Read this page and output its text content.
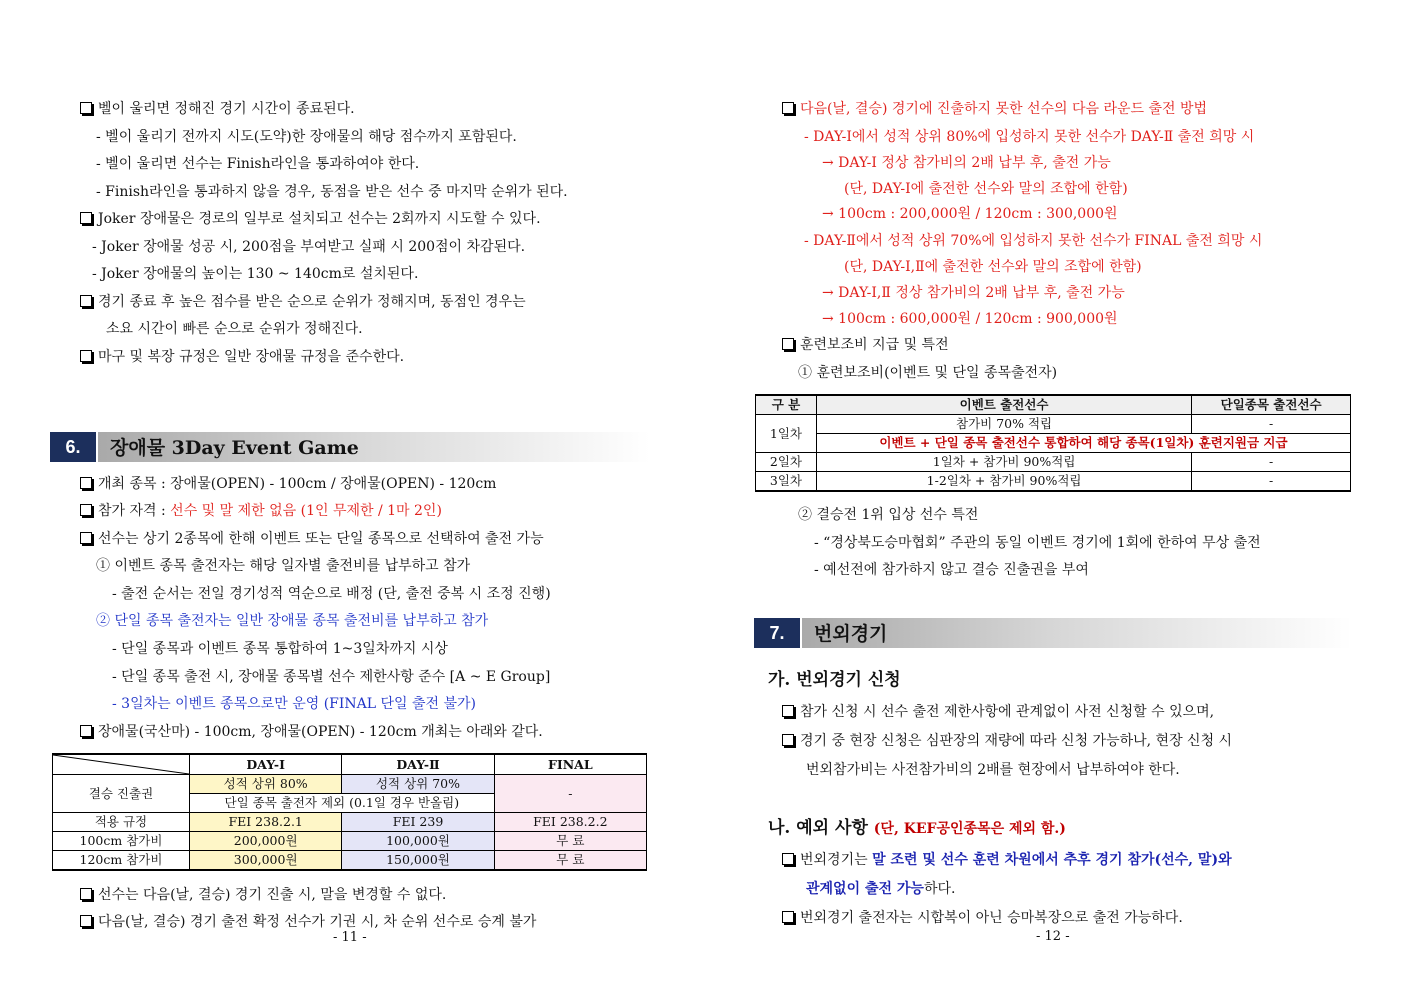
벨이 울리면 정해진 경기 시간이 종료된다.
- 벨이 울리기 전까지 시도(도약)한 장애물의 해당 점수까지 포함된다.
- 벨이 울리면 선수는 Finish라인을 통과하여야 한다.
- Finish라인을 통과하지 않을 경우, 동점을 받은 선수 중 마지막 순위가 된다.
Joker 장애물은 경로의 일부로 설치되고 선수는 2회까지 시도할 수 있다.
- Joker 장애물 성공 시, 200점을 부여받고 실패 시 200점이 차감된다.
- Joker 장애물의 높이는 130 ~ 140cm로 설치된다.
경기 종료 후 높은 점수를 받은 순으로 순위가 정해지며, 동점인 경우는
소요 시간이 빠른 순으로 순위가 정해진다.
마구 및 복장 규정은 일반 장애물 규정을 준수한다.
6.	장애물 3Day Event Game
개최 종목 : 장애물(OPEN) - 100cm / 장애물(OPEN) - 120cm
참가 자격 : 선수 및 말 제한 없음 (1인 무제한 / 1마 2인)
선수는 상기 2종목에 한해 이벤트 또는 단일 종목으로 선택하여 출전 가능
① 이벤트 종목 출전자는 해당 일자별 출전비를 납부하고 참가
- 출전 순서는 전일 경기성적 역순으로 배정 (단, 출전 중복 시 조정 진행)
② 단일 종목 출전자는 일반 장애물 종목 출전비를 납부하고 참가
- 단일 종목과 이벤트 종목 통합하여 1~3일차까지 시상
- 단일 종목 출전 시, 장애물 종목별 선수 제한사항 준수 [A ~ E Group]
- 3일차는 이벤트 종목으로만 운영 (FINAL 단일 출전 불가)
장애물(국산마) - 100cm, 장애물(OPEN) - 120cm 개최는 아래와 같다.
	DAY-Ⅰ	DAY-Ⅱ	FINAL
결승 진출권	성적 상위 80%	성적 상위 70%	-
	단일 종목 출전자 제외 (0.1일 경우 반올림)		
적용 규정	FEI 238.2.1	FEI 239	FEI 238.2.2
100cm 참가비	200,000원	100,000원	무 료
120cm 참가비	300,000원	150,000원	무 료
선수는 다음(날, 결승) 경기 진출 시, 말을 변경할 수 없다.
다음(날, 결승) 경기 출전 확정 선수가 기권 시, 차 순위 선수로 승계 불가
- 11 -
다음(날, 결승) 경기에 진출하지 못한 선수의 다음 라운드 출전 방법
- DAY-Ⅰ에서 성적 상위 80%에 입성하지 못한 선수가 DAY-Ⅱ 출전 희망 시
→ DAY-Ⅰ 정상 참가비의 2배 납부 후, 출전 가능
(단, DAY-Ⅰ에 출전한 선수와 말의 조합에 한함)
→ 100cm : 200,000원 / 120cm : 300,000원
- DAY-Ⅱ에서 성적 상위 70%에 입성하지 못한 선수가 FINAL 출전 희망 시
(단, DAY-Ⅰ,Ⅱ에 출전한 선수와 말의 조합에 한함)
→ DAY-Ⅰ,Ⅱ 정상 참가비의 2배 납부 후, 출전 가능
→ 100cm : 600,000원 / 120cm : 900,000원
훈련보조비 지급 및 특전
① 훈련보조비(이벤트 및 단일 종목출전자)
구 분	이벤트 출전선수	단일종목 출전선수
1일차	참가비 70% 적립	-
	이벤트 + 단일 종목 출전선수 통합하여 해당 종목(1일차) 훈련지원금 지급	
2일차	1일차 + 참가비 90%적립	-
3일차	1-2일차 + 참가비 90%적립	-
② 결승전 1위 입상 선수 특전
- “경상북도승마협회” 주관의 동일 이벤트 경기에 1회에 한하여 무상 출전
- 예선전에 참가하지 않고 결승 진출권을 부여
7.	번외경기
가. 번외경기 신청
참가 신청 시 선수 출전 제한사항에 관계없이 사전 신청할 수 있으며,
경기 중 현장 신청은 심판장의 재량에 따라 신청 가능하나, 현장 신청 시
번외참가비는 사전참가비의 2배를 현장에서 납부하여야 한다.
나. 예외 사항 (단, KEF공인종목은 제외 함.)
번외경기는 말 조련 및 선수 훈련 차원에서 추후 경기 참가(선수, 말)와
관계없이 출전 가능하다.
번외경기 출전자는 시합복이 아닌 승마복장으로 출전 가능하다.
- 12 -
